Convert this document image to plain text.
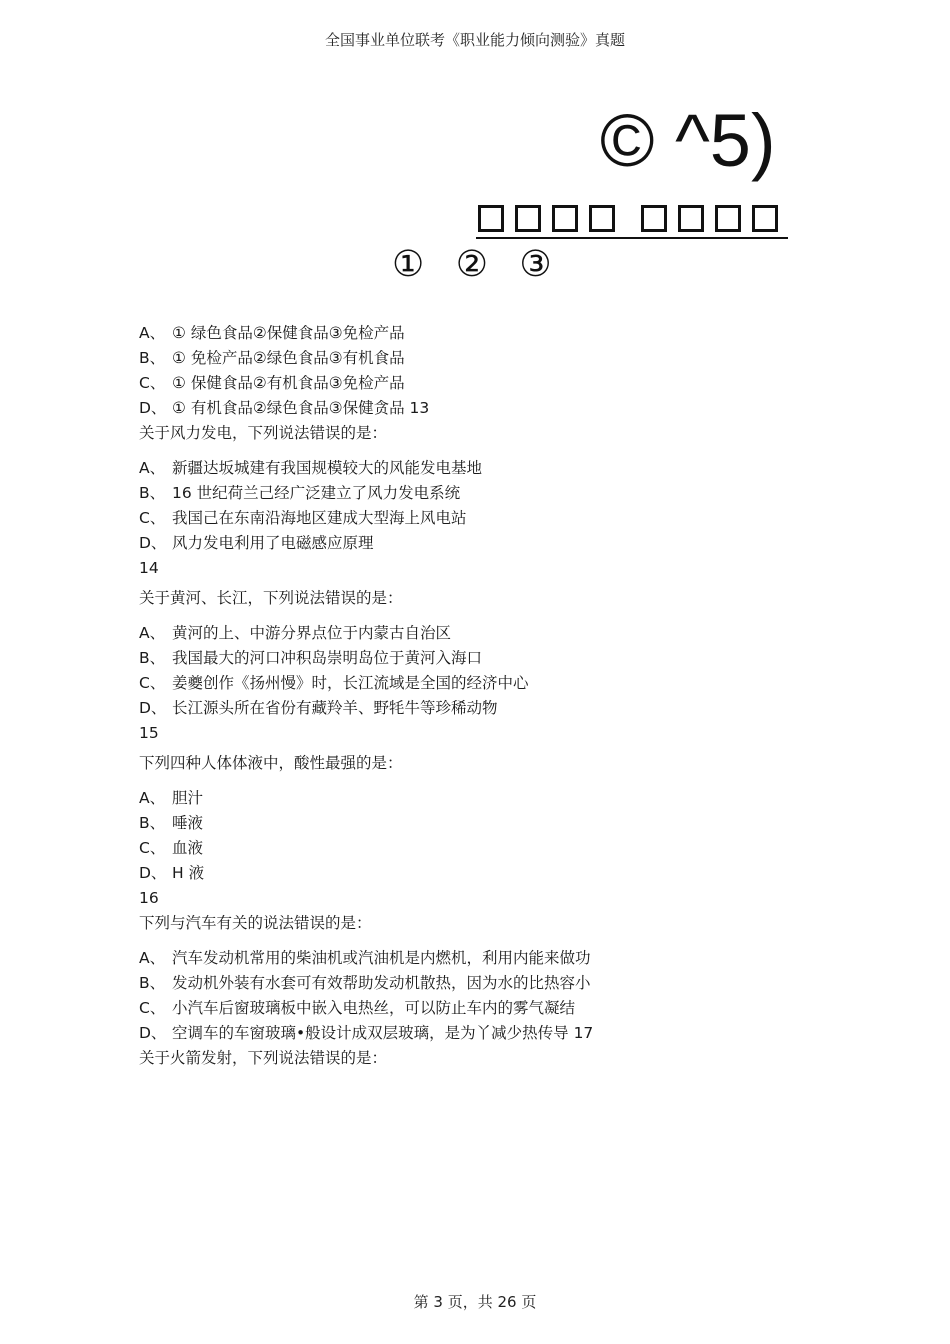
全国事业单位联考《职业能力倾向测验》真题
© ^5)
① ② ③
A、 ① 绿色食品②保健食品③免检产品
B、 ① 免检产品②绿色食品③有机食品
C、 ① 保健食品②有机食品③免检产品
D、 ① 有机食品②绿色食品③保健贪品 13
关于风力发电，下列说法错误的是：
A、 新疆达坂城建有我国规模较大的风能发电基地
B、 16 世纪荷兰己经广泛建立了风力发电系统
C、 我国己在东南沿海地区建成大型海上风电站
D、 风力发电利用了电磁感应原理
14
关于黄河、长江，下列说法错误的是：
A、 黄河的上、中游分界点位于内蒙古自治区
B、 我国最大的河口冲积岛崇明岛位于黄河入海口
C、 姜夔创作《扬州慢》时，长江流域是全国的经济中心
D、 长江源头所在省份有藏羚羊、野牦牛等珍稀动物
15
下列四种人体体液中，酸性最强的是：
A、 胆汁
B、 唾液
C、 血液
D、 H 液
16
下列与汽车有关的说法错误的是：
A、 汽车发动机常用的柴油机或汽油机是内燃机，利用内能来做功
B、 发动机外装有水套可有效帮助发动机散热，因为水的比热容小
C、 小汽车后窗玻璃板中嵌入电热丝，可以防止车内的雾气凝结
D、 空调车的车窗玻璃•般设计成双层玻璃，是为丫减少热传导 17
关于火箭发射，下列说法错误的是：
第 3 页，共 26 页
